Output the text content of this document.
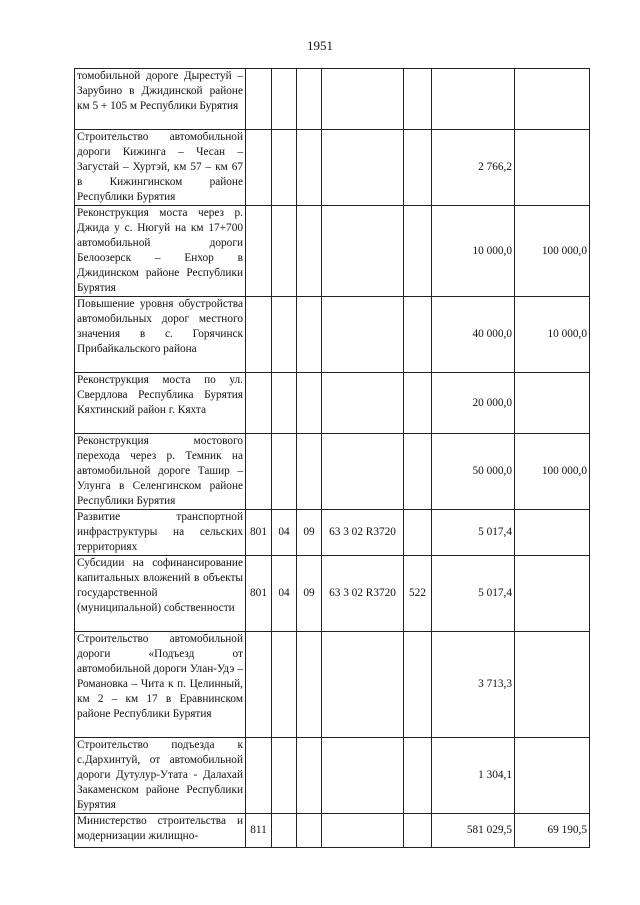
1951
томобильной дороге Дырестуй – Зарубино в Джидинской районе км 5 + 105 м Республики Бурятия							
Строительство автомобильной дороги Кижинга – Чесан – Загустай – Хуртэй, км 57 – км 67 в Кижингинском районе Республики Бурятия						2 766,2	
Реконструкция моста через р. Джида у с. Нюгуй на км 17+700 автомобильной дороги Белоозерск – Енхор в Джидинском районе Республики Бурятия						10 000,0	100 000,0
Повышение уровня обустройства автомобильных дорог местного значения в с. Горячинск Прибайкальского района						40 000,0	10 000,0
Реконструкция моста по ул. Свердлова Республика Бурятия Кяхтинский район г. Кяхта						20 000,0	
Реконструкция мостового перехода через р. Темник на автомобильной дороге Ташир – Улунга в Селенгинском районе Республики Бурятия						50 000,0	100 000,0
Развитие транспортной инфраструктуры на сельских территориях	801	04	09	63 3 02 R3720		5 017,4	
Субсидии на софинансирование капитальных вложений в объекты государственной (муниципальной) собственности	801	04	09	63 3 02 R3720	522	5 017,4	
Строительство автомобильной дороги «Подъезд от автомобильной дороги Улан-Удэ – Романовка – Чита к п. Целинный, км 2 – км 17 в Еравнинском районе Республики Бурятия						3 713,3	
Строительство подъезда к с.Дархинтуй, от автомобильной дороги Дутулур-Утата - Далахай Закаменском районе Республики Бурятия						1 304,1	
Министерство строительства и модернизации жилищно-	811					581 029,5	69 190,5
